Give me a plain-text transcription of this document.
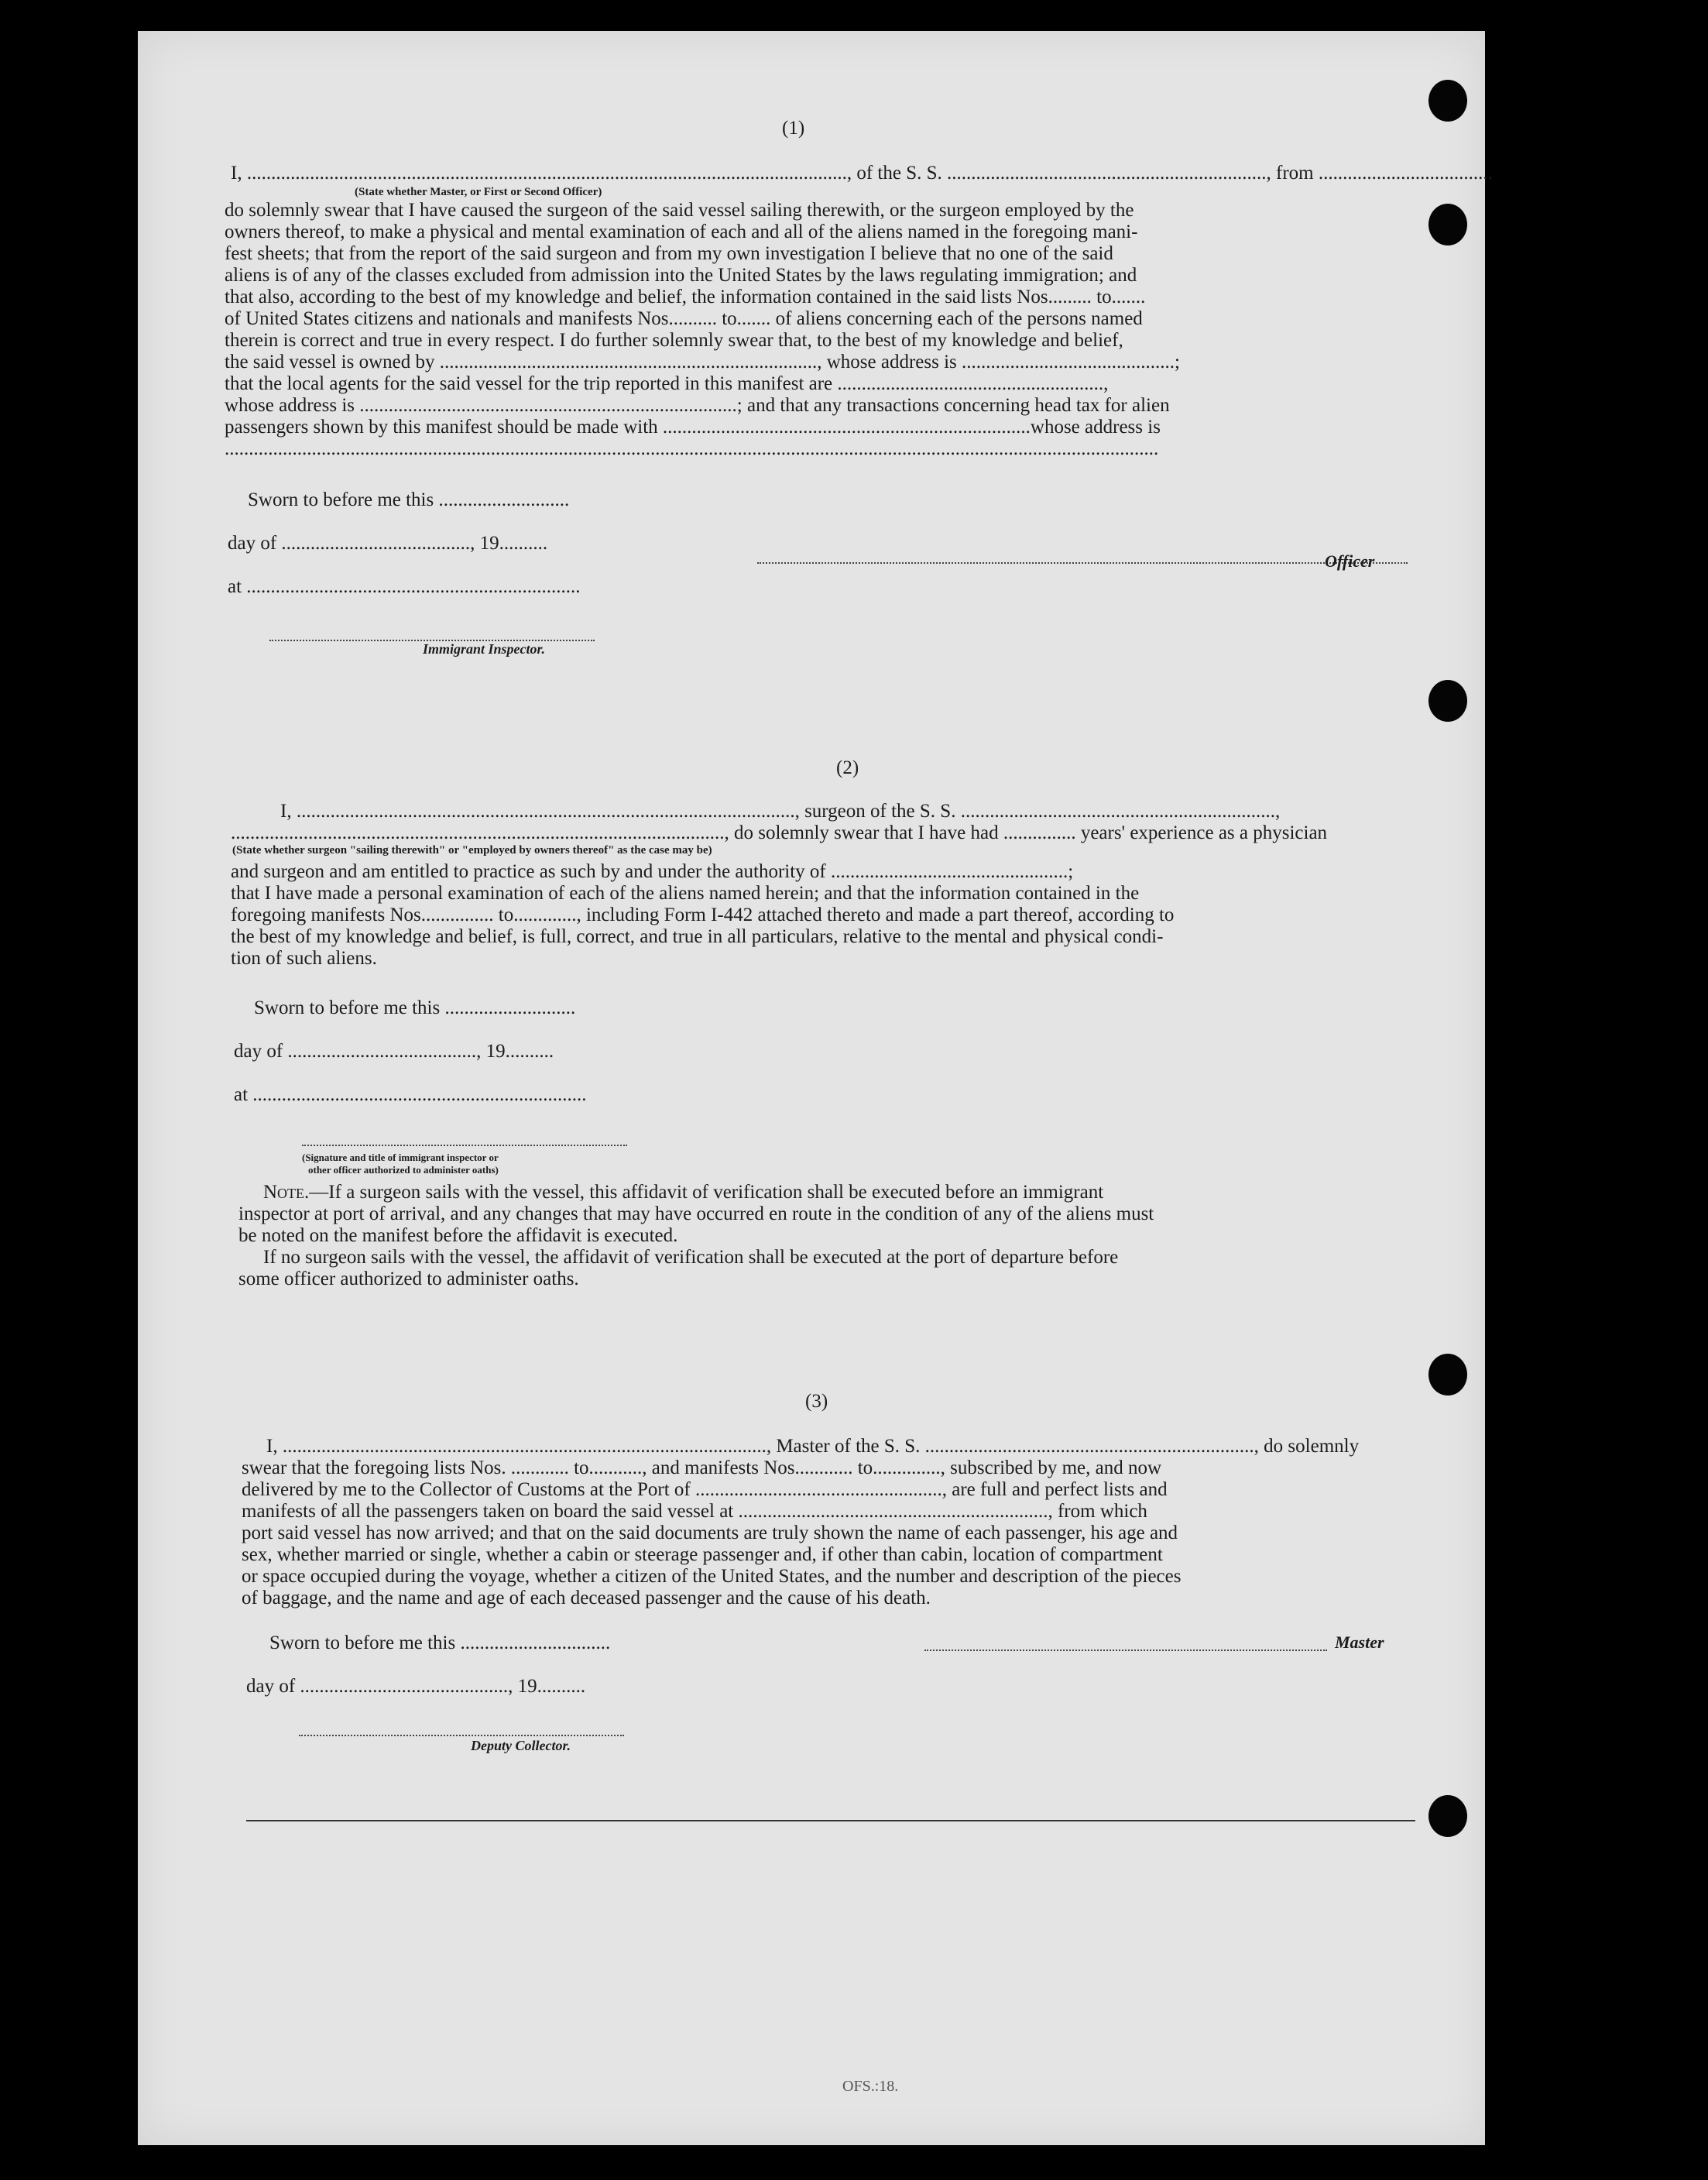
(1)
I, ............................................................................................................................, of the S. S. .................................................................., from ....................................
(State whether Master, or First or Second Officer)
do solemnly swear that I have caused the surgeon of the said vessel sailing therewith, or the surgeon employed by the
owners thereof, to make a physical and mental examination of each and all of the aliens named in the foregoing mani-
fest sheets; that from the report of the said surgeon and from my own investigation I believe that no one of the said
aliens is of any of the classes excluded from admission into the United States by the laws regulating immigration; and
that also, according to the best of my knowledge and belief, the information contained in the said lists Nos......... to.......
of United States citizens and nationals and manifests Nos.......... to....... of aliens concerning each of the persons named
therein is correct and true in every respect. I do further solemnly swear that, to the best of my knowledge and belief,
the said vessel is owned by .............................................................................., whose address is ............................................;
that the local agents for the said vessel for the trip reported in this manifest are .......................................................,
whose address is ..............................................................................; and that any transactions concerning head tax for alien
passengers shown by this manifest should be made with ............................................................................whose address is
.................................................................................................................................................................................................
Sworn to before me this ...........................
day of ......................................., 19..........
at .....................................................................
Immigrant Inspector.
Officer
(2)
I, ......................................................................................................., surgeon of the S. S. .................................................................,
......................................................................................................, do solemnly swear that I have had ............... years' experience as a physician
(State whether surgeon "sailing therewith" or "employed by owners thereof" as the case may be)
and surgeon and am entitled to practice as such by and under the authority of .................................................;
that I have made a personal examination of each of the aliens named herein; and that the information contained in the
foregoing manifests Nos............... to............., including Form I-442 attached thereto and made a part thereof, according to
the best of my knowledge and belief, is full, correct, and true in all particulars, relative to the mental and physical condi-
tion of such aliens.
Sworn to before me this ...........................
day of ......................................., 19..........
at .....................................................................
(Signature and title of immigrant inspector or
other officer authorized to administer oaths)
Note.—If a surgeon sails with the vessel, this affidavit of verification shall be executed before an immigrant
inspector at port of arrival, and any changes that may have occurred en route in the condition of any of the aliens must
be noted on the manifest before the affidavit is executed.
If no surgeon sails with the vessel, the affidavit of verification shall be executed at the port of departure before
some officer authorized to administer oaths.
(3)
I, ...................................................................................................., Master of the S. S. ...................................................................., do solemnly
swear that the foregoing lists Nos. ............ to..........., and manifests Nos............ to.............., subscribed by me, and now
delivered by me to the Collector of Customs at the Port of ..................................................., are full and perfect lists and
manifests of all the passengers taken on board the said vessel at ................................................................, from which
port said vessel has now arrived; and that on the said documents are truly shown the name of each passenger, his age and
sex, whether married or single, whether a cabin or steerage passenger and, if other than cabin, location of compartment
or space occupied during the voyage, whether a citizen of the United States, and the number and description of the pieces
of baggage, and the name and age of each deceased passenger and the cause of his death.
Sworn to before me this ...............................	Master
day of ..........................................., 19..........
Deputy Collector.
OFS.:18.
